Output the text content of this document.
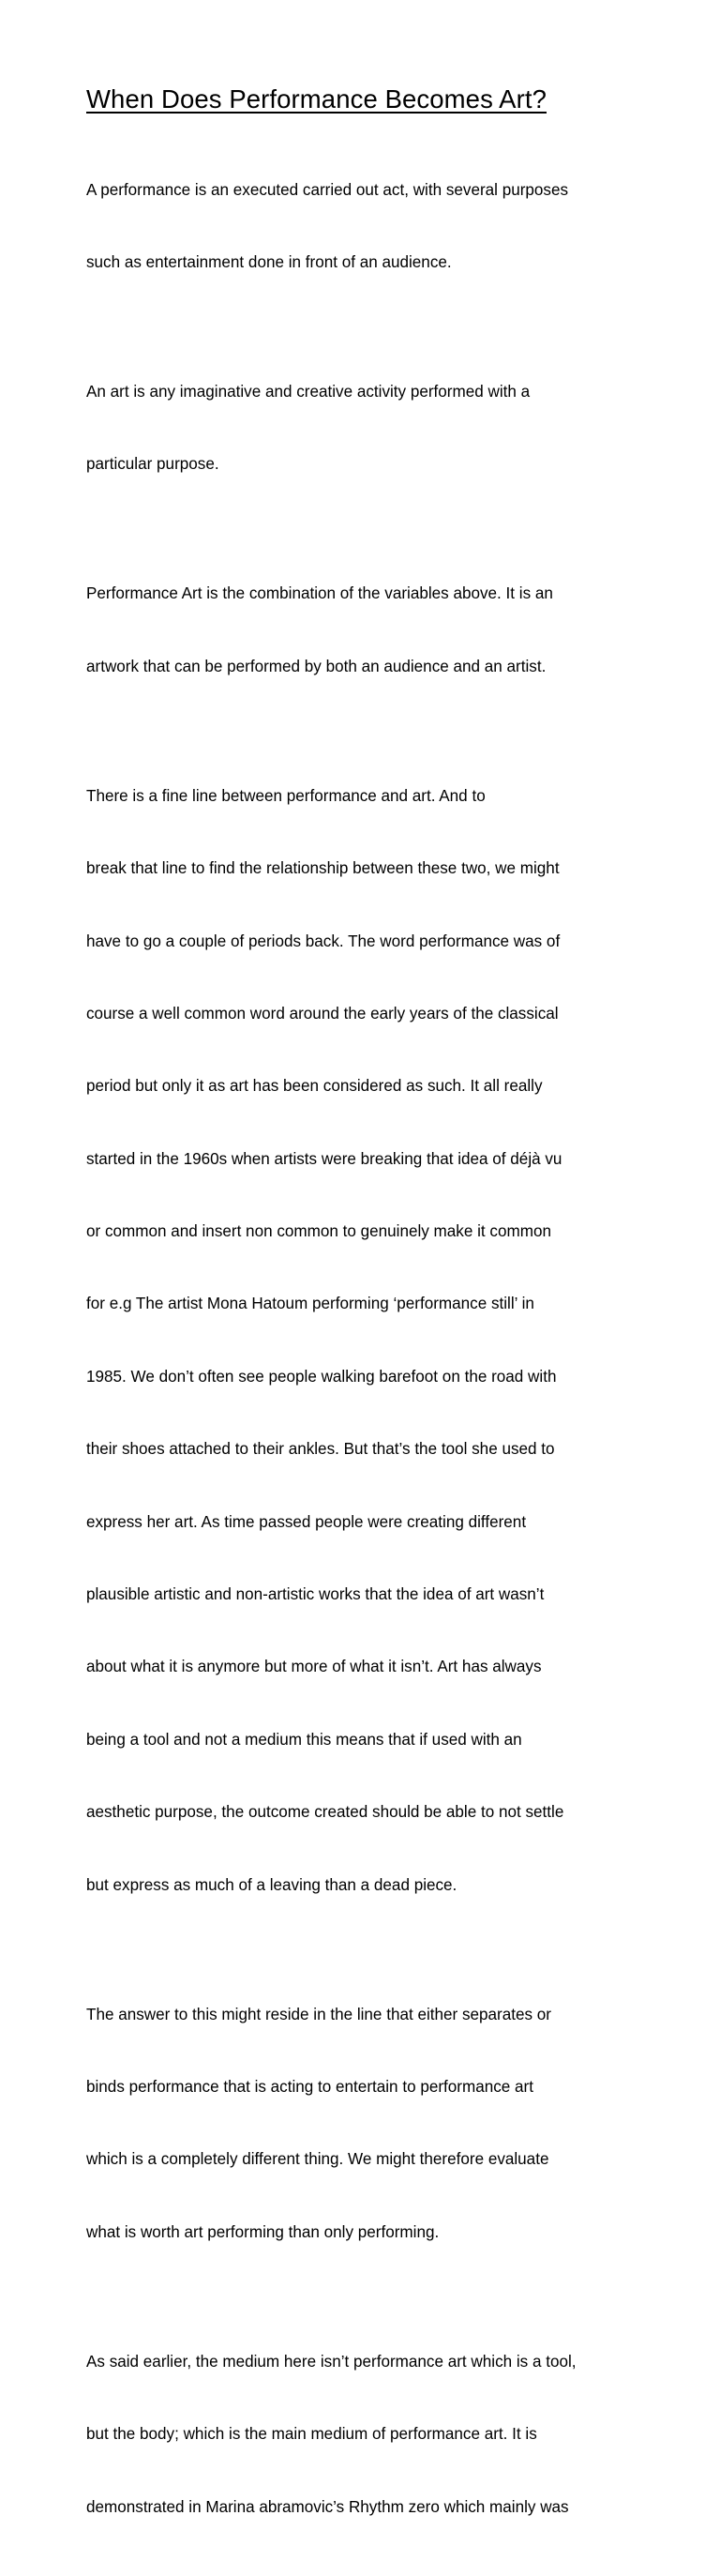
When Does Performance Becomes Art?

A performance is an executed carried out act, with several purposes

such as entertainment done in front of an audience.

An art is any imaginative and creative activity performed with a

particular purpose.

Performance Art is the combination of the variables above. It is an

artwork that can be performed by both an audience and an artist.

There is a fine line between performance and art. And to

break that line to find the relationship between these two, we might

have to go a couple of periods back. The word performance was of

course a well common word around the early years of the classical

period but only it as art has been considered as such. It all really

started in the 1960s when artists were breaking that idea of déjà vu

or common and insert non common to genuinely make it common

for e.g The artist Mona Hatoum performing ‘performance still’ in

1985. We don’t often see people walking barefoot on the road with

their shoes attached to their ankles. But that’s the tool she used to

express her art. As time passed people were creating different

plausible artistic and non-artistic works that the idea of art wasn’t

about what it is anymore but more of what it isn’t. Art has always

being a tool and not a medium this means that if used with an

aesthetic purpose, the outcome created should be able to not settle

but express as much of a leaving than a dead piece.

The answer to this might reside in the line that either separates or

binds performance that is acting to entertain to performance art

which is a completely different thing. We might therefore evaluate

what is worth art performing than only performing.

As said earlier, the medium here isn’t performance art which is a tool,

but the body; which is the main medium of performance art. It is

demonstrated in Marina abramovic’s Rhythm zero which mainly was
